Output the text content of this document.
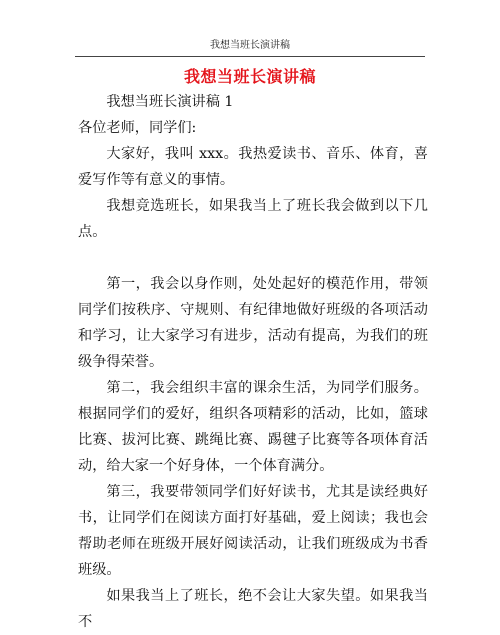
我想当班长演讲稿
我想当班长演讲稿

我想当班长演讲稿 1

各位老师，同学们:

大家好，我叫 xxx。我热爱读书、音乐、体育，喜爱写作等有意义的事情。

我想竞选班长，如果我当上了班长我会做到以下几点。

第一，我会以身作则，处处起好的模范作用，带领同学们按秩序、守规则、有纪律地做好班级的各项活动和学习，让大家学习有进步，活动有提高，为我们的班级争得荣誉。

第二，我会组织丰富的课余生活，为同学们服务。根据同学们的爱好，组织各项精彩的活动，比如，篮球比赛、拔河比赛、跳绳比赛、踢毽子比赛等各项体育活动，给大家一个好身体，一个体育满分。

第三，我要带领同学们好好读书，尤其是读经典好书，让同学们在阅读方面打好基础，爱上阅读；我也会帮助老师在班级开展好阅读活动，让我们班级成为书香班级。

如果我当上了班长，绝不会让大家失望。如果我当不
